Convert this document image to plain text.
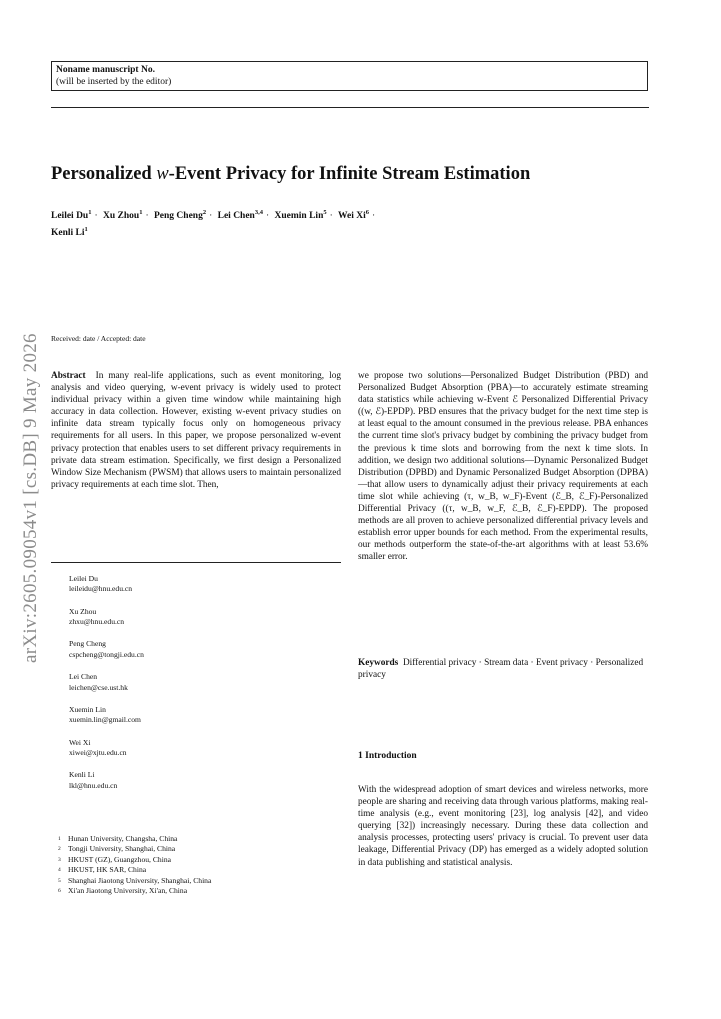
Noname manuscript No.
(will be inserted by the editor)
Personalized w-Event Privacy for Infinite Stream Estimation
Leilei $Du^1 \cdot Xu$ Zhou$^1$ · Peng Cheng$^2$ · Lei Chen$^{3,4}$ · Xuemin Lin$^5$ · Wei $Xi^6$ ·
Kenli Li$^1$
arXiv:2605.09054v1 [cs.DB] 9 May 2026	Received: date / Accepted: date
Abstract In many real-life applications, such as event monitoring, log analysis and video querying, w-event privacy is widely used to protect individual privacy within a given time window while maintaining high accuracy in data collection. However, existing w-event privacy studies on infinite data stream typically focus only on homogeneous privacy requirements for all users. In this paper, we propose personalized w-event privacy protection that enables users to set different privacy requirements in private data stream estimation. Specifically, we first design a Personalized Window Size Mechanism (PWSM) that allows users to maintain personalized privacy requirements at each time slot. Then,
we propose two solutions—Personalized Budget Distribution (PBD) and Personalized Budget Absorption (PBA)—to accurately estimate streaming data statistics while achieving w-Event ℰ Personalized Differential Privacy ((w, ℰ)-EPDP). PBD ensures that the privacy budget for the next time step is at least equal to the amount consumed in the previous release. PBA enhances the current time slot's privacy budget by combining the privacy budget from the previous k time slots and borrowing from the next k time slots. In addition, we design two additional solutions—Dynamic Personalized Budget Distribution (DPBD) and Dynamic Personalized Budget Absorption (DPBA)—that allow users to dynamically adjust their privacy requirements at each time slot while achieving (τ, w_B, w_F)-Event (ℰ_B, ℰ_F)-Personalized Differential Privacy ((τ, w_B, w_F, ℰ_B, ℰ_F)-EPDP). The proposed methods are all proven to achieve personalized differential privacy levels and establish error upper bounds for each method. From the experimental results, our methods outperform the state-of-the-art algorithms with at least 53.6% smaller error.
Leilei Du
leileidu@hnu.edu.cn
Xu Zhou
zhxu@hnu.edu.cn
Peng Cheng
cspcheng@tongji.edu.cn
Lei Chen
leichen@cse.ust.hk
Xuemin Lin
xuemin.lin@gmail.com
Wei Xi
xiwei@xjtu.edu.cn
Kenli Li
lkl@hnu.edu.cn
$^1$ Hunan University, Changsha, China
$^2$ Tongji University, Shanghai, China
$^3$ HKUST (GZ), Guangzhou, China
$^4$ HKUST, HK SAR, China
$^5$ Shanghai Jiaotong University, Shanghai, China
$^6$ Xi'an Jiaotong University, Xi'an, China
Keywords Differential privacy · Stream data · Event privacy · Personalized privacy
1 Introduction
With the widespread adoption of smart devices and wireless networks, more people are sharing and receiving data through various platforms, making real-time analysis (e.g., event monitoring [23], log analysis [42], and video querying [32]) increasingly necessary. During these data collection and analysis processes, protecting users' privacy is crucial. To prevent user data leakage, Differential Privacy (DP) has emerged as a widely adopted solution in data publishing and statistical analysis.
